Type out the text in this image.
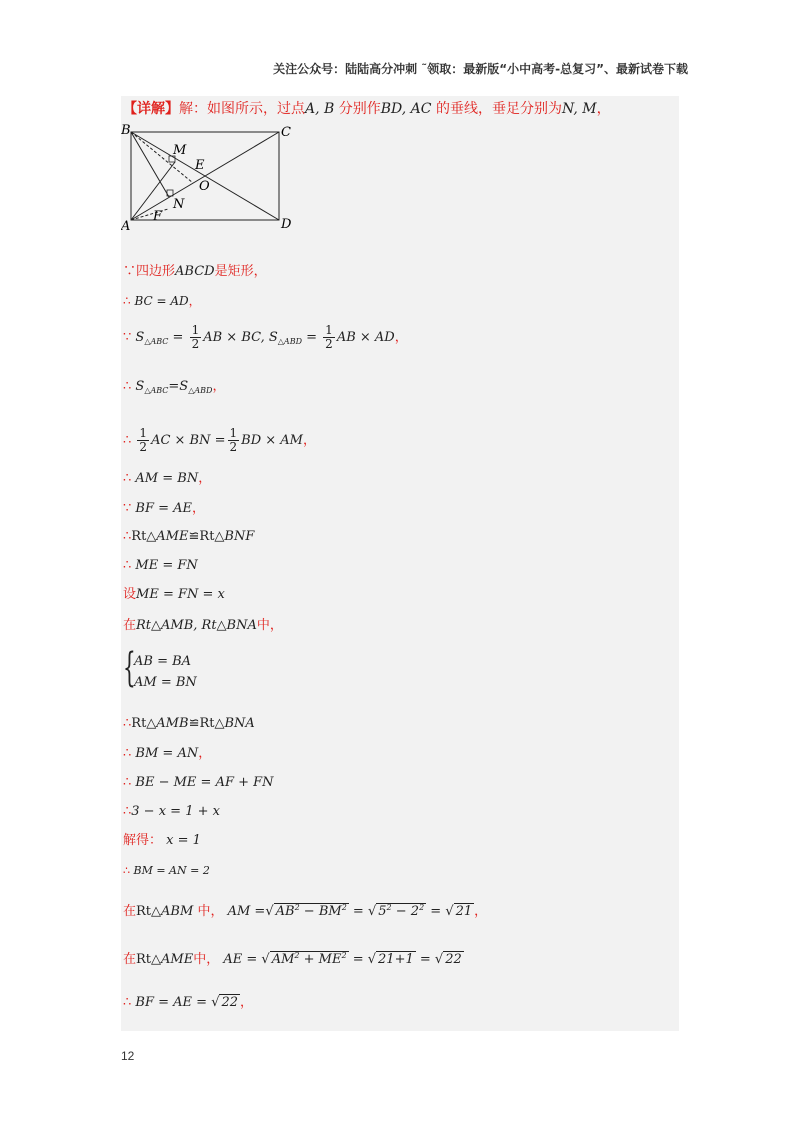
关注公众号：陆陆高分冲刺 ˜领取：最新版“小中高考-总复习”、最新试卷下载
【详解】解：如图所示，过点A, B 分别作BD, AC 的垂线，垂足分别为N, M，
B	C
A	D
M
E
O
N
F
∵四边形ABCD是矩形，
∴ BC = AD，
∵ $S_{\triangle ABC} = \frac{1}{2}$ AB × BC, $S_{\triangle ABD} = \frac{1}{2}$ AB × AD，
∴ $S_{\triangle ABC}=S_{\triangle ABD}$，
∴ $\frac{1}{2}$ AC × BN = $\frac{1}{2}$ BD × AM，
∴ AM = BN，
∵ BF = AE，
∴Rt△AME≌Rt△BNF
∴ ME = FN
设ME = FN = x
在Rt△AMB, Rt△BNA中，
{
AB = BA
AM = BN
∴Rt△AMB≌Rt△BNA
∴ BM = AN，
∴ BE − ME = AF + FN
∴3 − x = 1 + x
解得： x = 1
∴ BM = AN = 2
在Rt△ABM 中， AM =√ $AB^2 - BM^2$ = √ $5^2 - 2^2$ = √ 21 ，
在Rt△AME中， AE = √ $AM^2 + ME^2$ = √ 21+1 = √ 22
∴ BF = AE = √ 22 ，
12
